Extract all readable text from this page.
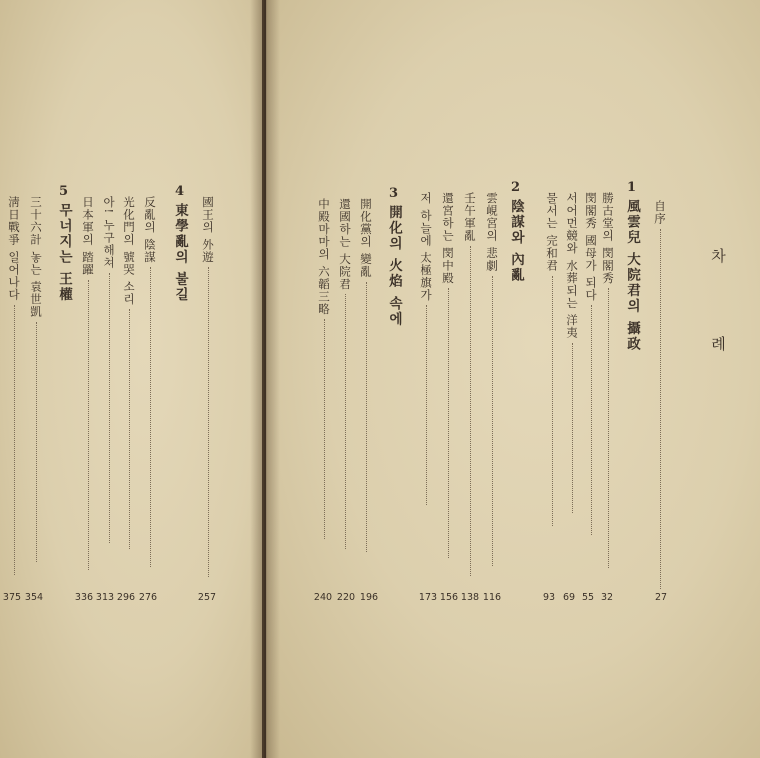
차 례
自序
27
1
風雲兒 大院君의 攝政
勝古堂의 閔閣秀
閔閣秀 國母가 되다
서어먼競와 水葬되는 洋夷
물서는 完和君
32
55
69
93
2
陰謀와 內亂
雲峴宮의 悲劇
壬午軍亂
還宮하는 閔中殿
저 하늘에 太極旗가
116
138
156
173
3
開化의 火焰 속에
開化黨의 變亂
還國하는 大院君
中殿마마의 六韜三略
196
220
240
國王의 外遊
257
4
東學亂의 불길
反亂의 陰謀
光化門의 號哭 소리
아! 누구해쳐
日本軍의 踏躍
276
296
313
336
5
무너지는 王權
三十六計 놓는 袁世凱
淸日戰爭 일어나다
354
375
